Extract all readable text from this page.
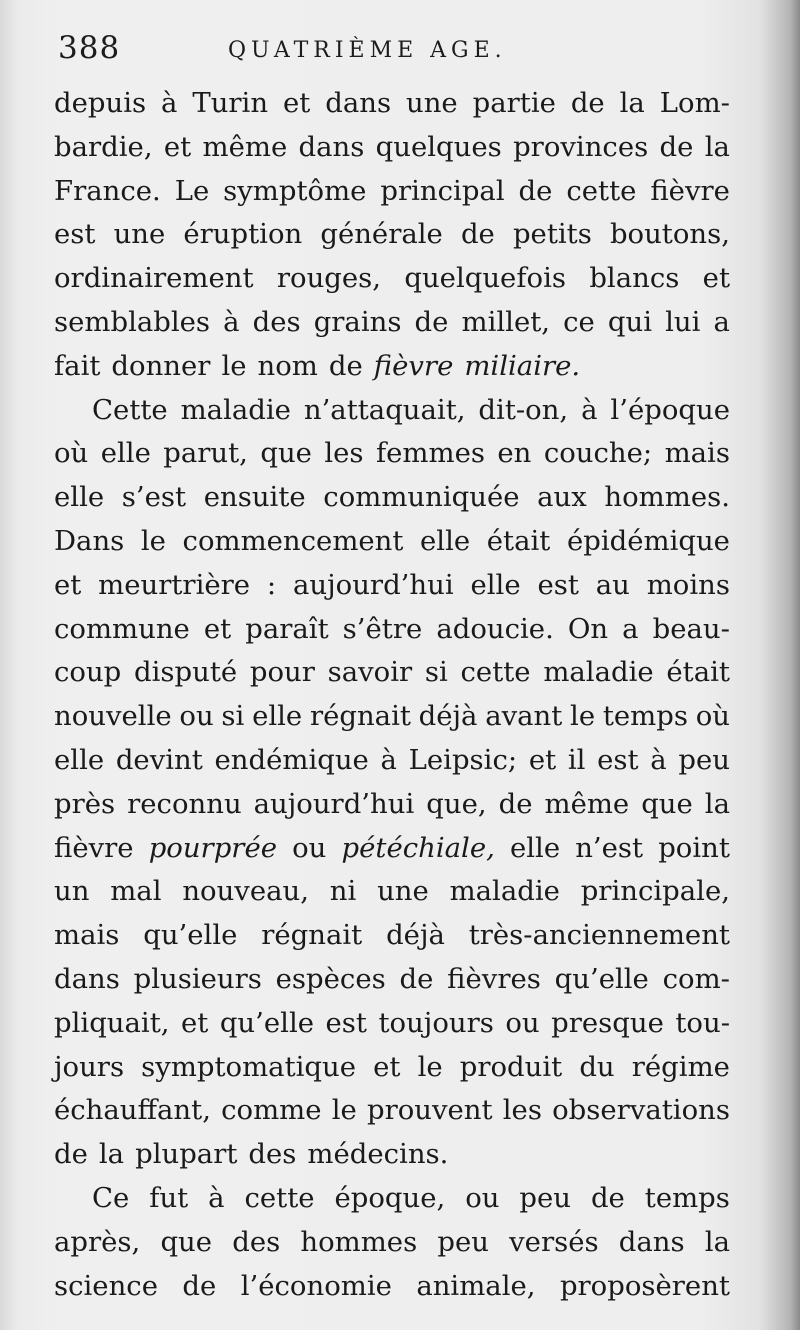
388	QUATRIÈME AGE.
depuis à Turin et dans une partie de la Lom-
bardie, et même dans quelques provinces de la
France. Le symptôme principal de cette fièvre
est une éruption générale de petits boutons,
ordinairement rouges, quelquefois blancs et
semblables à des grains de millet, ce qui lui a
fait donner le nom de fièvre miliaire.
Cette maladie n’attaquait, dit-on, à l’époque
où elle parut, que les femmes en couche; mais
elle s’est ensuite communiquée aux hommes.
Dans le commencement elle était épidémique
et meurtrière : aujourd’hui elle est au moins
commune et paraît s’être adoucie. On a beau-
coup disputé pour savoir si cette maladie était
nouvelle ou si elle régnait déjà avant le temps où
elle devint endémique à Leipsic; et il est à peu
près reconnu aujourd’hui que, de même que la
fièvre pourprée ou pétéchiale, elle n’est point
un mal nouveau, ni une maladie principale,
mais qu’elle régnait déjà très-anciennement
dans plusieurs espèces de fièvres qu’elle com-
pliquait, et qu’elle est toujours ou presque tou-
jours symptomatique et le produit du régime
échauffant, comme le prouvent les observations
de la plupart des médecins.
Ce fut à cette époque, ou peu de temps
après, que des hommes peu versés dans la
science de l’économie animale, proposèrent
